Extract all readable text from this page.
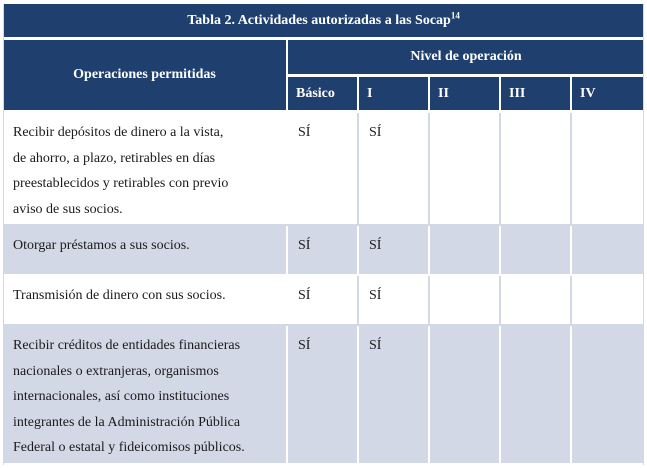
Tabla 2. Actividades autorizadas a las Socap$^{14}$
Operaciones permitidas	Nivel de operación				
	Básico	I	II	III	IV

Recibir depósitos de dinero a la vista,
de ahorro, a plazo, retirables en días
preestablecidos y retirables con previo
aviso de sus socios.	SÍ	SÍ			

Otorgar préstamos a sus socios.	SÍ	SÍ			

Transmisión de dinero con sus socios.	SÍ	SÍ			

Recibir créditos de entidades financieras
nacionales o extranjeras, organismos
internacionales, así como instituciones
integrantes de la Administración Pública
Federal o estatal y fideicomisos públicos.	SÍ	SÍ			
